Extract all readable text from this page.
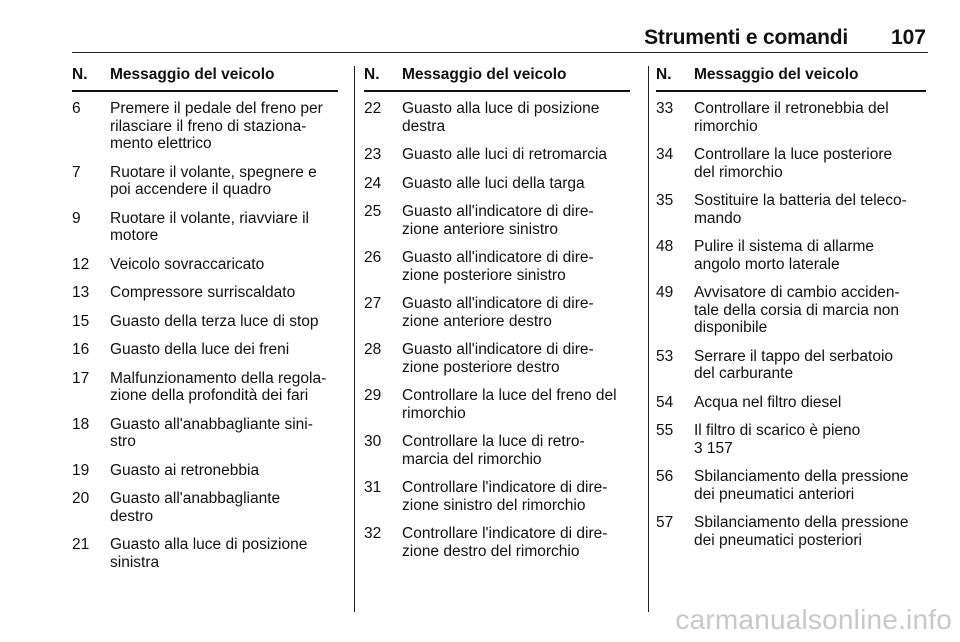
Strumenti e comandi 107
N.	Messaggio del veicolo
6	Premere il pedale del freno per
rilasciare il freno di staziona-
mento elettrico
7	Ruotare il volante, spegnere e
poi accendere il quadro
9	Ruotare il volante, riavviare il
motore
12	Veicolo sovraccaricato
13	Compressore surriscaldato
15	Guasto della terza luce di stop
16	Guasto della luce dei freni
17	Malfunzionamento della regola-
zione della profondità dei fari
18	Guasto all'anabbagliante sini-
stro
19	Guasto ai retronebbia
20	Guasto all'anabbagliante
destro
21	Guasto alla luce di posizione
sinistra
N.	Messaggio del veicolo
22	Guasto alla luce di posizione
destra
23	Guasto alle luci di retromarcia
24	Guasto alle luci della targa
25	Guasto all'indicatore di dire-
zione anteriore sinistro
26	Guasto all'indicatore di dire-
zione posteriore sinistro
27	Guasto all'indicatore di dire-
zione anteriore destro
28	Guasto all'indicatore di dire-
zione posteriore destro
29	Controllare la luce del freno del
rimorchio
30	Controllare la luce di retro-
marcia del rimorchio
31	Controllare l'indicatore di dire-
zione sinistro del rimorchio
32	Controllare l'indicatore di dire-
zione destro del rimorchio
N.	Messaggio del veicolo
33	Controllare il retronebbia del
rimorchio
34	Controllare la luce posteriore
del rimorchio
35	Sostituire la batteria del teleco-
mando
48	Pulire il sistema di allarme
angolo morto laterale
49	Avvisatore di cambio acciden-
tale della corsia di marcia non
disponibile
53	Serrare il tappo del serbatoio
del carburante
54	Acqua nel filtro diesel
55	Il filtro di scarico è pieno
3 157
56	Sbilanciamento della pressione
dei pneumatici anteriori
57	Sbilanciamento della pressione
dei pneumatici posteriori
carmanualsonline.info
